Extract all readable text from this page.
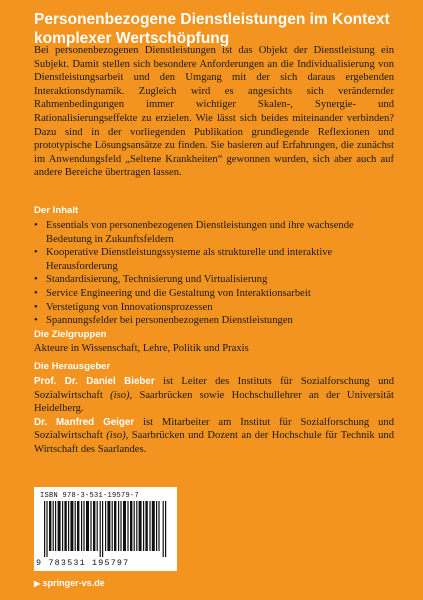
Personenbezogene Dienstleistungen im Kontext komplexer Wertschöpfung

Bei personenbezogenen Dienstleistungen ist das Objekt der Dienstleistung ein Subjekt. Damit stellen sich besondere Anforderungen an die Individualisierung von Dienstleistungsarbeit und den Umgang mit der sich daraus ergebenden Interaktionsdynamik. Zugleich wird es angesichts sich verändernder Rahmenbedingungen immer wichtiger Skalen-, Synergie- und Rationalisierungseffekte zu erzielen. Wie lässt sich beides miteinander verbinden? Dazu sind in der vorliegenden Publikation grundlegende Reflexionen und prototypische Lösungsansätze zu finden. Sie basieren auf Erfahrungen, die zunächst im Anwendungsfeld „Seltene Krankheiten“ gewonnen wurden, sich aber auch auf andere Bereiche übertragen lassen.

Der Inhalt
• Essentials von personenbezogenen Dienstleistungen und ihre wachsende Bedeutung in Zukunftsfeldern
• Kooperative Dienstleistungssysteme als strukturelle und interaktive Herausforderung
• Standardisierung, Technisierung und Virtualisierung
• Service Engineering und die Gestaltung von Interaktionsarbeit
• Verstetigung von Innovationsprozessen
• Spannungsfelder bei personenbezogenen Dienstleistungen
Die Zielgruppen

Akteure in Wissenschaft, Lehre, Politik und Praxis

Die Herausgeber

Prof. Dr. Daniel Bieber ist Leiter des Instituts für Sozialforschung und Sozialwirtschaft (iso), Saarbrücken sowie Hochschullehrer an der Universität Heidelberg.

Dr. Manfred Geiger ist Mitarbeiter am Institut für Sozialforschung und Sozialwirtschaft (iso), Saarbrücken und Dozent an der Hochschule für Technik und Wirtschaft des Saarlandes.

ISBN 978-3-531-19579-7
9 783531 195797
▶ springer-vs.de
